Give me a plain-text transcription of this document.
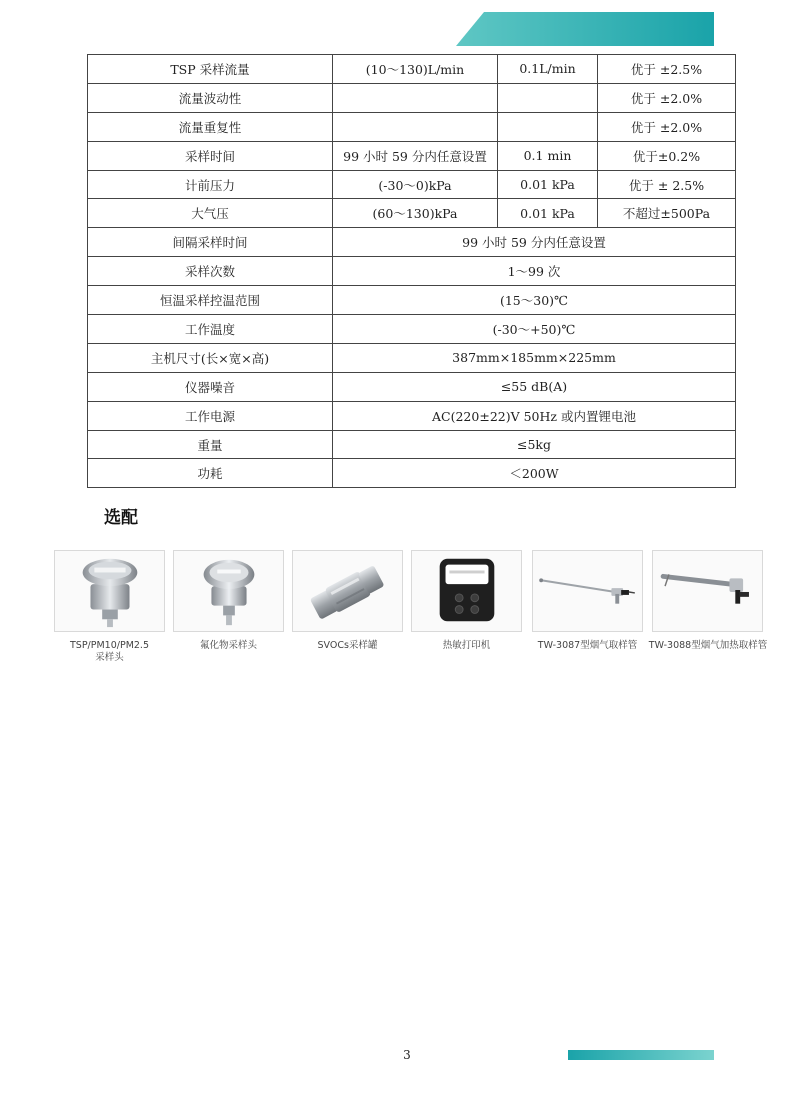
TSP 采样流量	(10～130)L/min	0.1L/min	优于 ±2.5%
流量波动性			优于 ±2.0%
流量重复性			优于 ±2.0%
采样时间	99 小时 59 分内任意设置	0.1 min	优于±0.2%
计前压力	(-30～0)kPa	0.01 kPa	优于 ± 2.5%
大气压	(60～130)kPa	0.01 kPa	不超过±500Pa
间隔采样时间	99 小时 59 分内任意设置		
采样次数	1～99 次		
恒温采样控温范围	(15～30)℃		
工作温度	(-30～+50)℃		
主机尺寸(长×宽×高)	387mm×185mm×225mm		
仪器噪音	≤55 dB(A)		
工作电源	AC(220±22)V 50Hz 或内置锂电池		
重量	≤5kg		
功耗	＜200W		
选配
TSP/PM10/PM2.5
采样头
氟化物采样头	SVOCs采样罐	热敏打印机	TW-3087型烟气取样管	TW-3088型烟气加热取样管
3
